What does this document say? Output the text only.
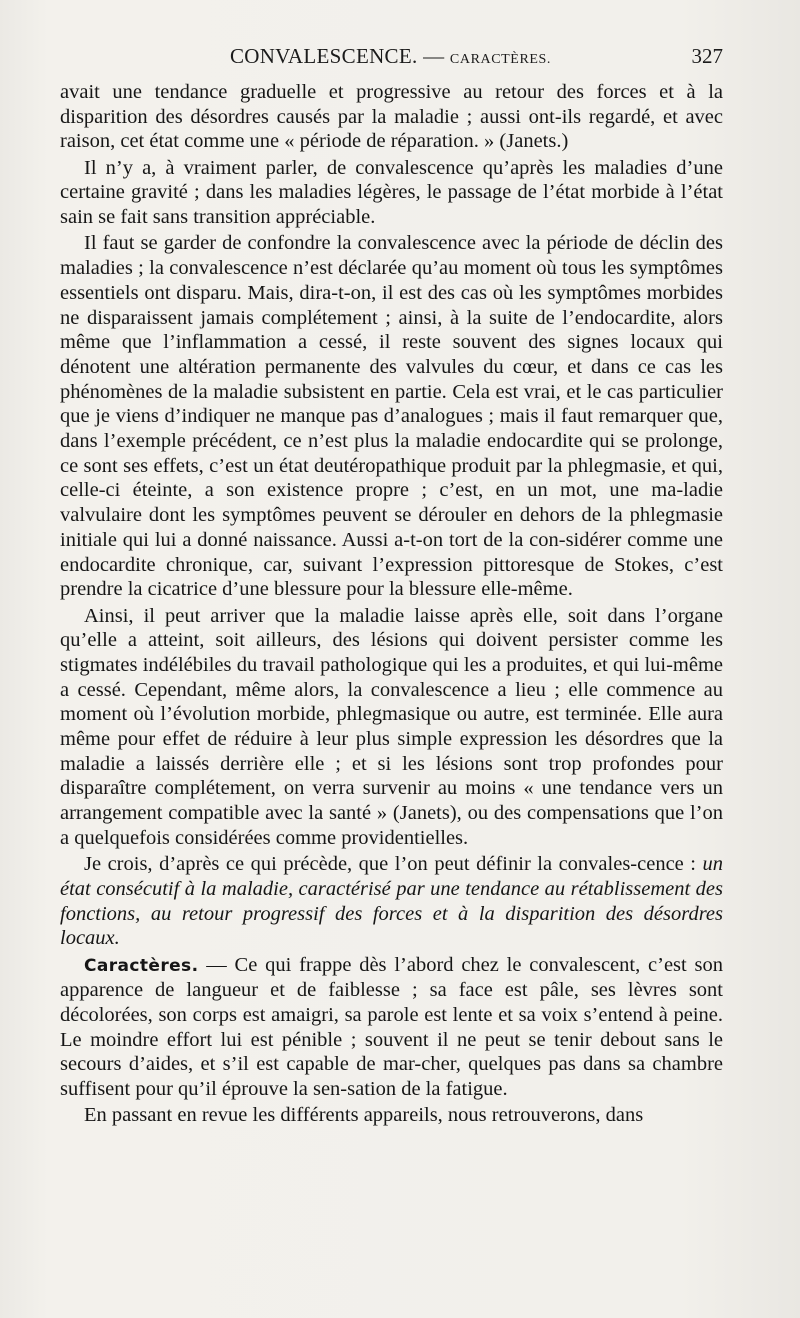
CONVALESCENCE. — CARACTÈRES.	327

avait une tendance graduelle et progressive au retour des forces et à la disparition des désordres causés par la maladie ; aussi ont-ils regardé, et avec raison, cet état comme une « période de réparation. » (Janets.)

Il n’y a, à vraiment parler, de convalescence qu’après les maladies d’une certaine gravité ; dans les maladies légères, le passage de l’état morbide à l’état sain se fait sans transition appréciable.

Il faut se garder de confondre la convalescence avec la période de déclin des maladies ; la convalescence n’est déclarée qu’au moment où tous les symptômes essentiels ont disparu. Mais, dira-t-on, il est des cas où les symptômes morbides ne disparaissent jamais complétement ; ainsi, à la suite de l’endocardite, alors même que l’inflammation a cessé, il reste souvent des signes locaux qui dénotent une altération permanente des valvules du cœur, et dans ce cas les phénomènes de la maladie subsistent en partie. Cela est vrai, et le cas particulier que je viens d’indiquer ne manque pas d’analogues ; mais il faut remarquer que, dans l’exemple précédent, ce n’est plus la maladie endocardite qui se prolonge, ce sont ses effets, c’est un état deutéropathique produit par la phlegmasie, et qui, celle-ci éteinte, a son existence propre ; c’est, en un mot, une ma-ladie valvulaire dont les symptômes peuvent se dérouler en dehors de la phlegmasie initiale qui lui a donné naissance. Aussi a-t-on tort de la con-sidérer comme une endocardite chronique, car, suivant l’expression pittoresque de Stokes, c’est prendre la cicatrice d’une blessure pour la blessure elle-même.

Ainsi, il peut arriver que la maladie laisse après elle, soit dans l’organe qu’elle a atteint, soit ailleurs, des lésions qui doivent persister comme les stigmates indélébiles du travail pathologique qui les a produites, et qui lui-même a cessé. Cependant, même alors, la convalescence a lieu ; elle commence au moment où l’évolution morbide, phlegmasique ou autre, est terminée. Elle aura même pour effet de réduire à leur plus simple expression les désordres que la maladie a laissés derrière elle ; et si les lésions sont trop profondes pour disparaître complétement, on verra survenir au moins « une tendance vers un arrangement compatible avec la santé » (Janets), ou des compensations que l’on a quelquefois considérées comme providentielles.

Je crois, d’après ce qui précède, que l’on peut définir la convales-cence : un état consécutif à la maladie, caractérisé par une tendance au rétablissement des fonctions, au retour progressif des forces et à la disparition des désordres locaux.

Caractères. — Ce qui frappe dès l’abord chez le convalescent, c’est son apparence de langueur et de faiblesse ; sa face est pâle, ses lèvres sont décolorées, son corps est amaigri, sa parole est lente et sa voix s’entend à peine. Le moindre effort lui est pénible ; souvent il ne peut se tenir debout sans le secours d’aides, et s’il est capable de mar-cher, quelques pas dans sa chambre suffisent pour qu’il éprouve la sen-sation de la fatigue.

En passant en revue les différents appareils, nous retrouverons, dans
